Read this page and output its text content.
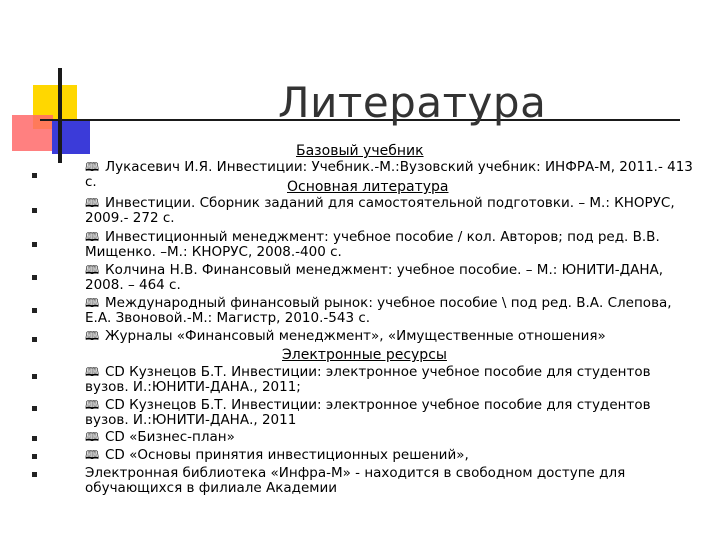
Литература
Базовый учебник
🕮 Лукасевич И.Я. Инвестиции: Учебник.-М.:Вузовский учебник: ИНФРА-М, 2011.- 413 с.	Основная литература
🕮 Инвестиции. Сборник заданий для самостоятельной подготовки. – М.: КНОРУС, 2009.- 272 с.
🕮 Инвестиционный менеджмент: учебное пособие / кол. Авторов; под ред. В.В. Мищенко. –М.: КНОРУС, 2008.-400 с.
🕮 Колчина Н.В. Финансовый менеджмент: учебное пособие. – М.: ЮНИТИ-ДАНА, 2008. – 464 с.
🕮 Международный финансовый рынок: учебное пособие \ под ред. В.А. Слепова, Е.А. Звоновой.-М.: Магистр, 2010.-543 с.
🕮 Журналы «Финансовый менеджмент», «Имущественные отношения»
Электронные ресурсы
🕮 CD Кузнецов Б.Т. Инвестиции: электронное учебное пособие для студентов вузов. И.:ЮНИТИ-ДАНА., 2011;
🕮 CD Кузнецов Б.Т. Инвестиции: электронное учебное пособие для студентов вузов. И.:ЮНИТИ-ДАНА., 2011
🕮 CD «Бизнес-план»
🕮 CD «Основы принятия инвестиционных решений»,
Электронная библиотека «Инфра-М» - находится в свободном доступе для обучающихся в филиале Академии
